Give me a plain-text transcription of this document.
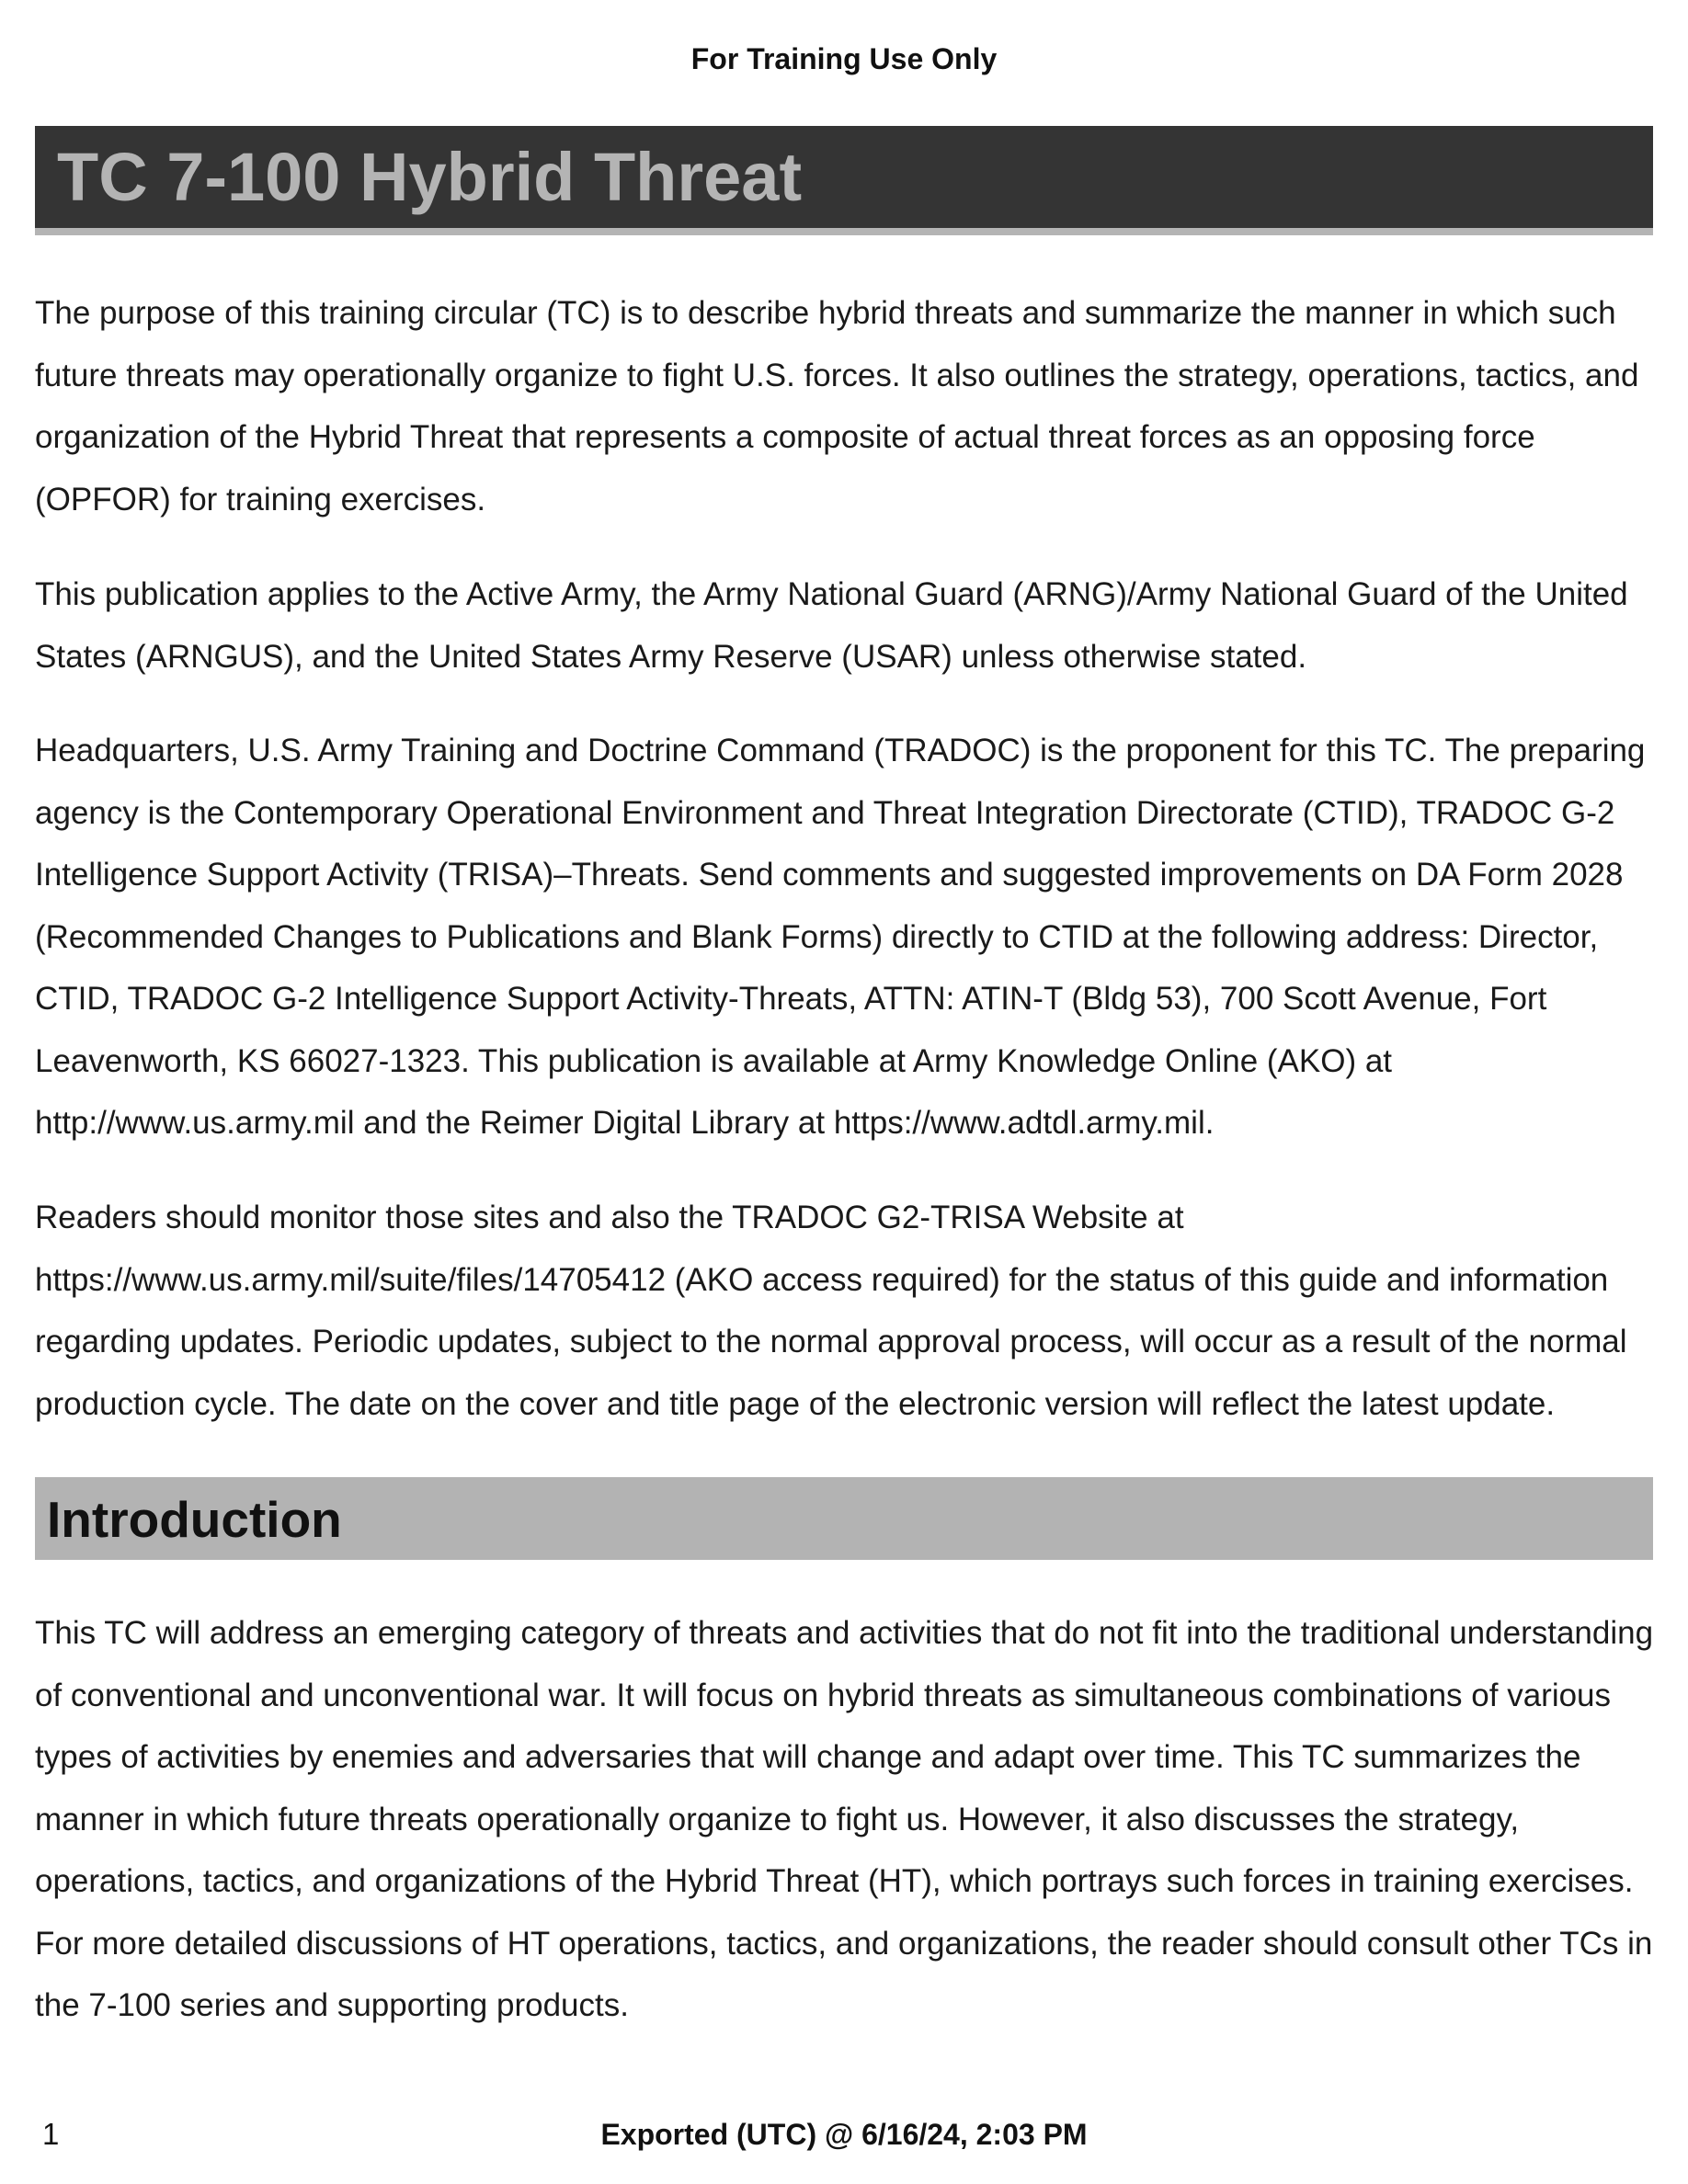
For Training Use Only
TC 7-100 Hybrid Threat

The purpose of this training circular (TC) is to describe hybrid threats and summarize the manner in which such future threats may operationally organize to fight U.S. forces. It also outlines the strategy, operations, tactics, and organization of the Hybrid Threat that represents a composite of actual threat forces as an opposing force (OPFOR) for training exercises.

This publication applies to the Active Army, the Army National Guard (ARNG)/Army National Guard of the United States (ARNGUS), and the United States Army Reserve (USAR) unless otherwise stated.

Headquarters, U.S. Army Training and Doctrine Command (TRADOC) is the proponent for this TC. The preparing agency is the Contemporary Operational Environment and Threat Integration Directorate (CTID), TRADOC G-2 Intelligence Support Activity (TRISA)–Threats. Send comments and suggested improvements on DA Form 2028 (Recommended Changes to Publications and Blank Forms) directly to CTID at the following address: Director, CTID, TRADOC G-2 Intelligence Support Activity-Threats, ATTN: ATIN-T (Bldg 53), 700 Scott Avenue, Fort Leavenworth, KS 66027-1323. This publication is available at Army Knowledge Online (AKO) at http://www.us.army.mil and the Reimer Digital Library at https://www.adtdl.army.mil.

Readers should monitor those sites and also the TRADOC G2-TRISA Website at https://www.us.army.mil/suite/files/14705412 (AKO access required) for the status of this guide and information regarding updates. Periodic updates, subject to the normal approval process, will occur as a result of the normal production cycle. The date on the cover and title page of the electronic version will reflect the latest update.

Introduction

This TC will address an emerging category of threats and activities that do not fit into the traditional understanding of conventional and unconventional war. It will focus on hybrid threats as simultaneous combinations of various types of activities by enemies and adversaries that will change and adapt over time. This TC summarizes the manner in which future threats operationally organize to fight us. However, it also discusses the strategy, operations, tactics, and organizations of the Hybrid Threat (HT), which portrays such forces in training exercises. For more detailed discussions of HT operations, tactics, and organizations, the reader should consult other TCs in the 7-100 series and supporting products.

1	Exported (UTC) @ 6/16/24, 2:03 PM
